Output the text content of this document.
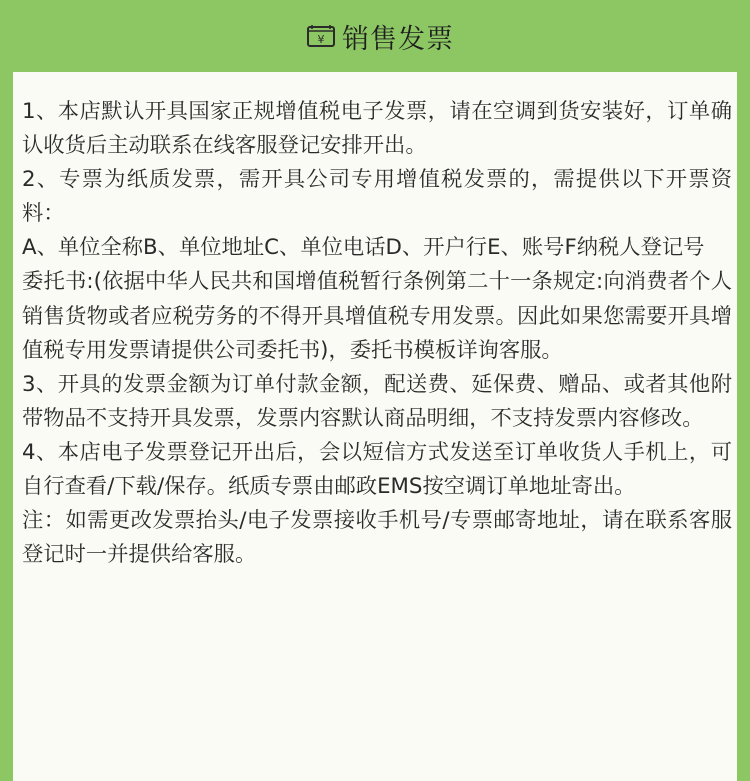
¥ 销售发票
1、本店默认开具国家正规增值税电子发票，请在空调到货安装好，订单确认收货后主动联系在线客服登记安排开出。
2、专票为纸质发票，需开具公司专用增值税发票的，需提供以下开票资料：
A、单位全称B、单位地址C、单位电话D、开户行E、账号F纳税人登记号
委托书:(依据中华人民共和国增值税暂行条例第二十一条规定:向消费者个人销售货物或者应税劳务的不得开具增值税专用发票。因此如果您需要开具增值税专用发票请提供公司委托书)，委托书模板详询客服。
3、开具的发票金额为订单付款金额，配送费、延保费、赠品、或者其他附带物品不支持开具发票，发票内容默认商品明细，不支持发票内容修改。
4、本店电子发票登记开出后，会以短信方式发送至订单收货人手机上，可自行查看/下载/保存。纸质专票由邮政EMS按空调订单地址寄出。
注：如需更改发票抬头/电子发票接收手机号/专票邮寄地址，请在联系客服登记时一并提供给客服。
